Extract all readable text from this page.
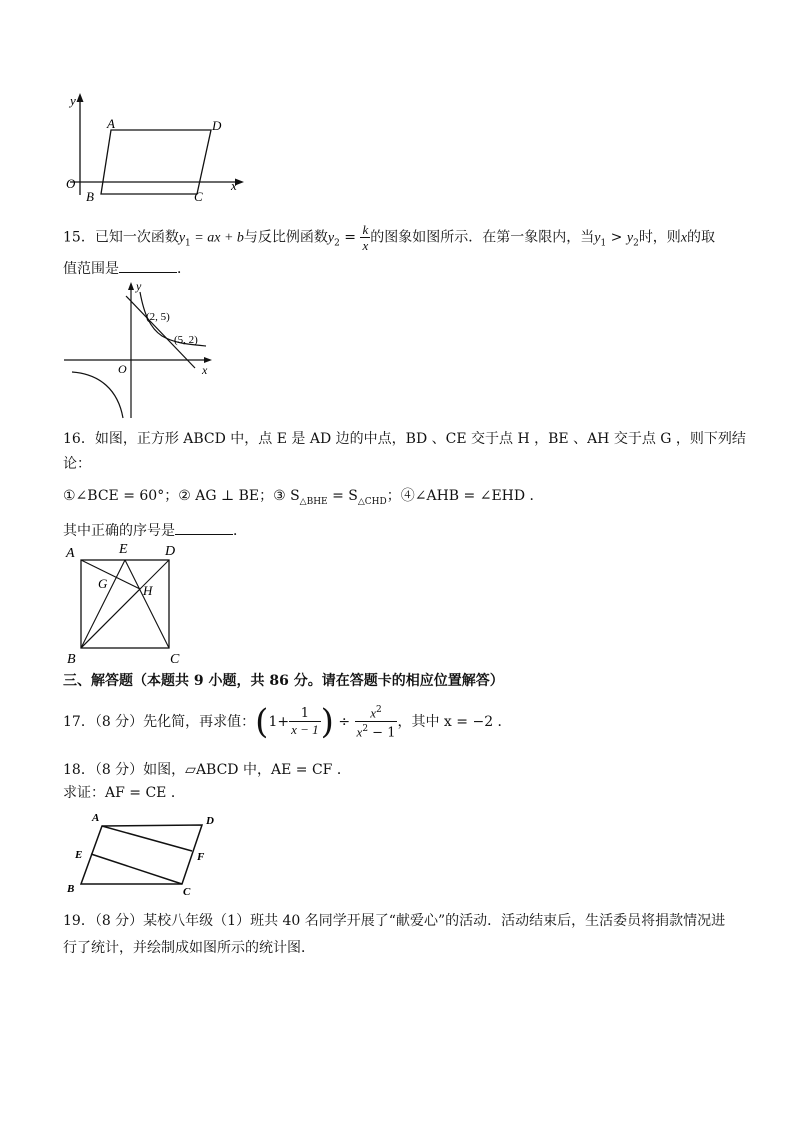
y
x
O
A	D
B	C
15．已知一次函数$y_1$ = ax + b与反比例函数$y_2 = \frac{k}{x}$ 的图象如图所示．在第一象限内，当$y_1 > y_2$时，则x的取
值范围是	．
y
x
O
(2, 5)
(5, 2)
16．如图，正方形 ABCD 中，点 E 是 AD 边的中点，BD 、CE 交于点 H ，BE 、AH 交于点 G ，则下列结
论：
①∠BCE = 60°；② AG ⊥ BE；③ $S_{\triangle BHE} = S_{\triangle CHD}$；④∠AHB = ∠EHD ．
其中正确的序号是	．
A	E	D
G	H
B	C
三、解答题（本题共 9 小题，共 86 分。请在答题卡的相应位置解答）
17．（8 分）先化简，再求值：($1+ \frac{1}{x - 1}$ ) ÷ $\frac{x^2}{x^2 - 1}$ ，其中 x = −2 ．
18．（8 分）如图，▱ABCD 中，AE = CF ．
求证：AF = CE ．
A	D
E	F
B	C
19．（8 分）某校八年级（1）班共 40 名同学开展了“献爱心”的活动．活动结束后，生活委员将捐款情况进
行了统计，并绘制成如图所示的统计图．
